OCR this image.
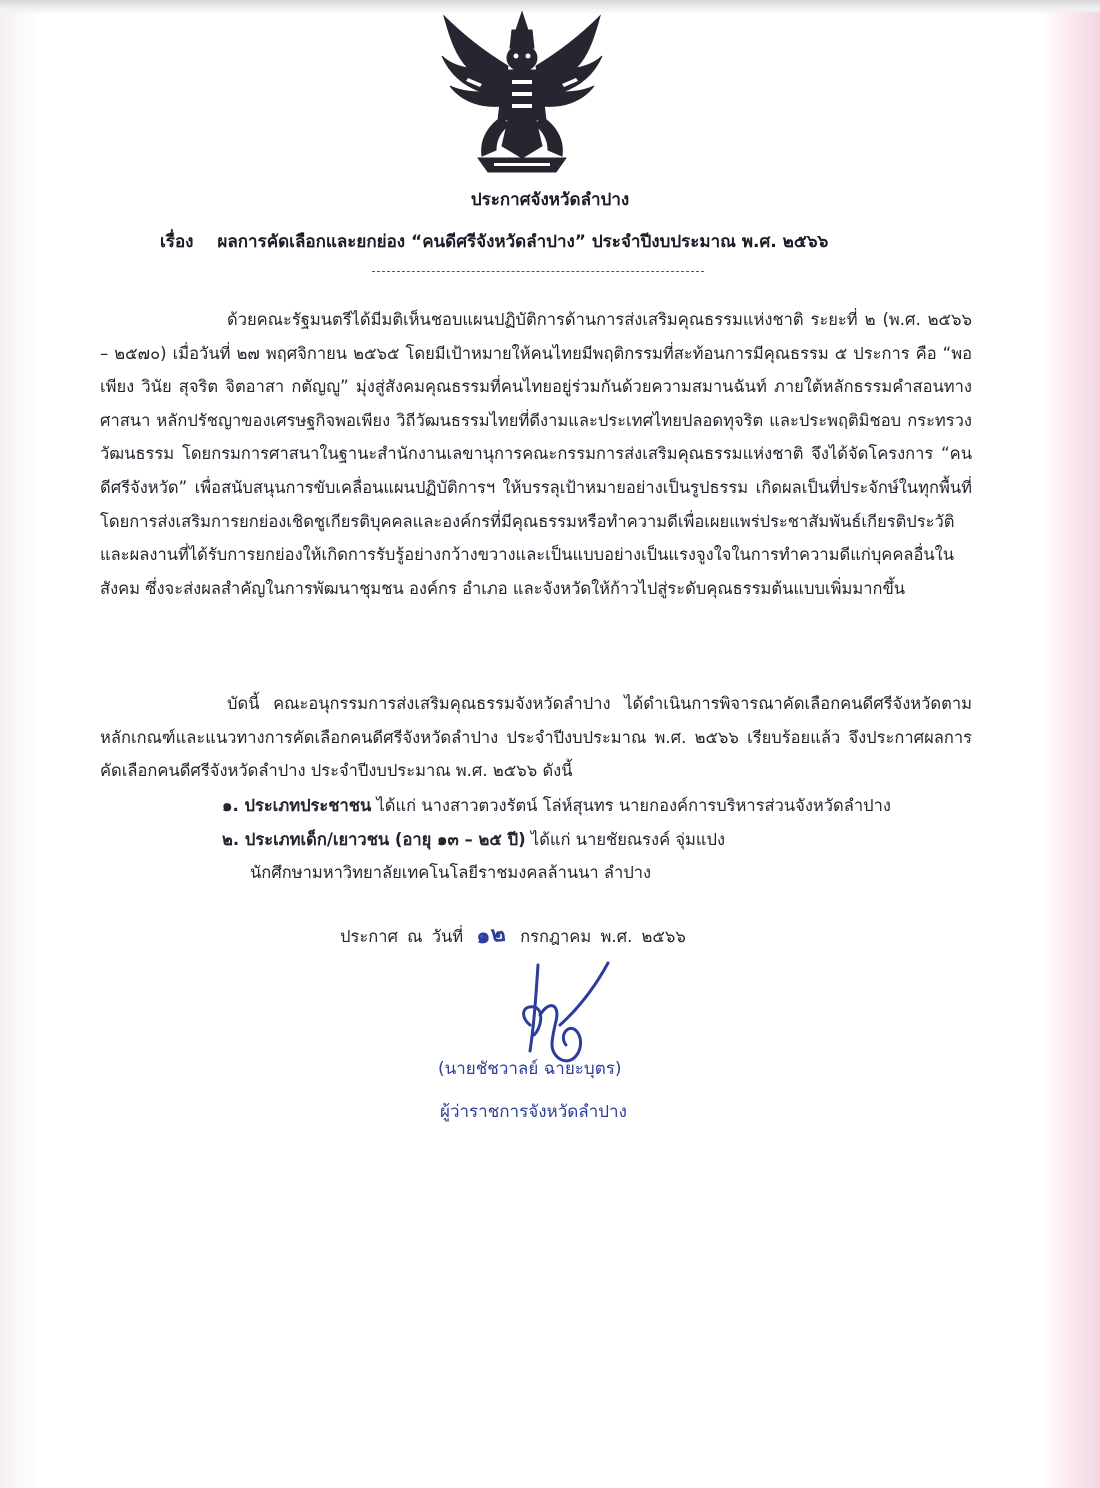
ประกาศจังหวัดลำปาง
เรื่อง ผลการคัดเลือกและยกย่อง “คนดีศรีจังหวัดลำปาง” ประจำปีงบประมาณ พ.ศ. ๒๕๖๖
ด้วยคณะรัฐมนตรีได้มีมติเห็นชอบแผนปฏิบัติการด้านการส่งเสริมคุณธรรมแห่งชาติ ระยะที่ ๒ (พ.ศ. ๒๕๖๖ – ๒๕๗๐) เมื่อวันที่ ๒๗ พฤศจิกายน ๒๕๖๕ โดยมีเป้าหมายให้คนไทยมีพฤติกรรมที่สะท้อนการมีคุณธรรม ๕ ประการ คือ “พอเพียง วินัย สุจริต จิตอาสา กตัญญู” มุ่งสู่สังคมคุณธรรมที่คนไทยอยู่ร่วมกันด้วยความสมานฉันท์ ภายใต้หลักธรรมคำสอนทางศาสนา หลักปรัชญาของเศรษฐกิจพอเพียง วิถีวัฒนธรรมไทยที่ดีงามและประเทศไทยปลอดทุจริต และประพฤติมิชอบ กระทรวงวัฒนธรรม โดยกรมการศาสนาในฐานะสำนักงานเลขานุการคณะกรรมการส่งเสริมคุณธรรมแห่งชาติ จึงได้จัดโครงการ “คนดีศรีจังหวัด” เพื่อสนับสนุนการขับเคลื่อนแผนปฏิบัติการฯ ให้บรรลุเป้าหมายอย่างเป็นรูปธรรม เกิดผลเป็นที่ประจักษ์ในทุกพื้นที่ โดยการส่งเสริมการยกย่องเชิดชูเกียรติบุคคลและองค์กรที่มีคุณธรรมหรือทำความดีเพื่อเผยแพร่ประชาสัมพันธ์เกียรติประวัติและผลงานที่ได้รับการยกย่องให้เกิดการรับรู้อย่างกว้างขวางและเป็นแบบอย่างเป็นแรงจูงใจในการทำความดีแก่บุคคลอื่นในสังคม ซึ่งจะส่งผลสำคัญในการพัฒนาชุมชน องค์กร อำเภอ และจังหวัดให้ก้าวไปสู่ระดับคุณธรรมต้นแบบเพิ่มมากขึ้น
บัดนี้ คณะอนุกรรมการส่งเสริมคุณธรรมจังหวัดลำปาง ได้ดำเนินการพิจารณาคัดเลือกคนดีศรีจังหวัดตามหลักเกณฑ์และแนวทางการคัดเลือกคนดีศรีจังหวัดลำปาง ประจำปีงบประมาณ พ.ศ. ๒๕๖๖ เรียบร้อยแล้ว จึงประกาศผลการคัดเลือกคนดีศรีจังหวัดลำปาง ประจำปีงบประมาณ พ.ศ. ๒๕๖๖ ดังนี้
๑. ประเภทประชาชน ได้แก่ นางสาวตวงรัตน์ โล่ห์สุนทร นายกองค์การบริหารส่วนจังหวัดลำปาง
๒. ประเภทเด็ก/เยาวชน (อายุ ๑๓ – ๒๕ ปี) ได้แก่ นายชัยณรงค์ จุ่มแปง
นักศึกษามหาวิทยาลัยเทคโนโลยีราชมงคลล้านนา ลำปาง
ประกาศ ณ วันที่ ๑๒ กรกฎาคม พ.ศ. ๒๕๖๖
(นายชัชวาลย์ ฉายะบุตร)
ผู้ว่าราชการจังหวัดลำปาง
